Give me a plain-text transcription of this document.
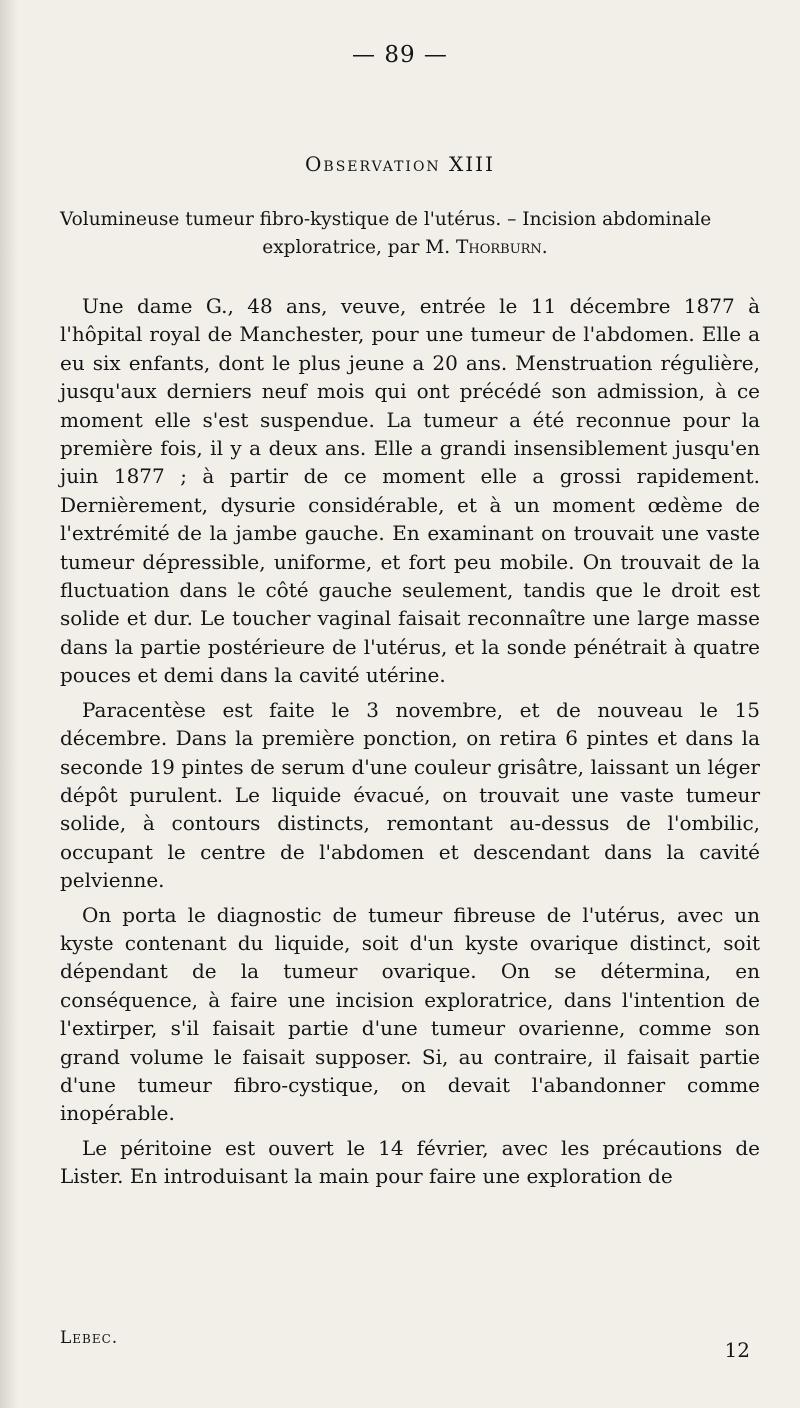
— 89 —
Observation XIII
Volumineuse tumeur fibro-kystique de l'utérus. – Incision abdominale
exploratrice, par M. Thorburn.

Une dame G., 48 ans, veuve, entrée le 11 décembre 1877 à l'hôpital royal de Manchester, pour une tumeur de l'abdomen. Elle a eu six enfants, dont le plus jeune a 20 ans. Menstruation régulière, jusqu'aux derniers neuf mois qui ont précédé son admission, à ce moment elle s'est suspendue. La tumeur a été reconnue pour la première fois, il y a deux ans. Elle a grandi insensiblement jusqu'en juin 1877 ; à partir de ce moment elle a grossi rapidement. Dernièrement, dysurie considérable, et à un moment œdème de l'extrémité de la jambe gauche. En examinant on trouvait une vaste tumeur dépressible, uniforme, et fort peu mobile. On trouvait de la fluctuation dans le côté gauche seulement, tandis que le droit est solide et dur. Le toucher vaginal faisait reconnaître une large masse dans la partie postérieure de l'utérus, et la sonde pénétrait à quatre pouces et demi dans la cavité utérine.

Paracentèse est faite le 3 novembre, et de nouveau le 15 décembre. Dans la première ponction, on retira 6 pintes et dans la seconde 19 pintes de serum d'une couleur grisâtre, laissant un léger dépôt purulent. Le liquide évacué, on trouvait une vaste tumeur solide, à contours distincts, remontant au-dessus de l'ombilic, occupant le centre de l'abdomen et descendant dans la cavité pelvienne.

On porta le diagnostic de tumeur fibreuse de l'utérus, avec un kyste contenant du liquide, soit d'un kyste ovarique distinct, soit dépendant de la tumeur ovarique. On se détermina, en conséquence, à faire une incision exploratrice, dans l'intention de l'extirper, s'il faisait partie d'une tumeur ovarienne, comme son grand volume le faisait supposer. Si, au contraire, il faisait partie d'une tumeur fibro-cystique, on devait l'abandonner comme inopérable.

Le péritoine est ouvert le 14 février, avec les précautions de Lister. En introduisant la main pour faire une exploration de

Lebec.	12
